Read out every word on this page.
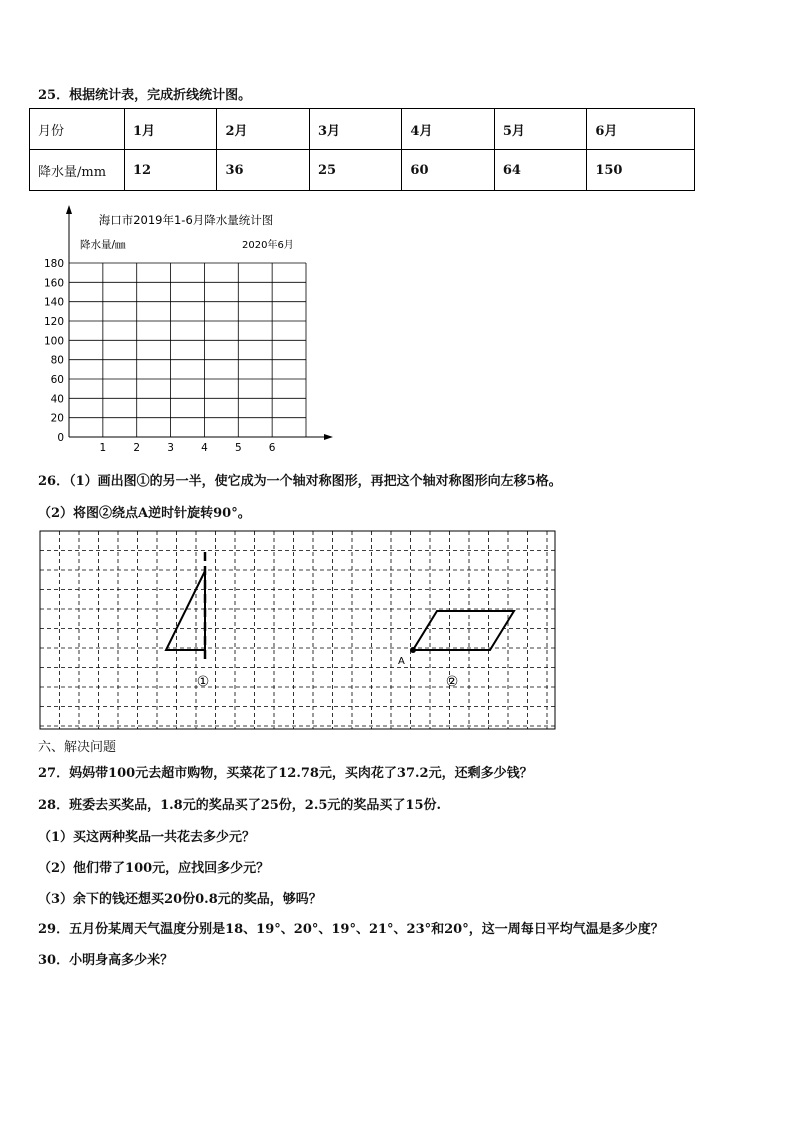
25．根据统计表，完成折线统计图。
月份	1月	2月	3月	4月	5月	6月
降水量/mm	12	36	25	60	64	150
海口市2019年1-6月降水量统计图
降水量/㎜	2020年6月
0
20
40
60
80
100
120
140
160
180
1	2	3	4	5	6
26．（1）画出图①的另一半，使它成为一个轴对称图形，再把这个轴对称图形向左移5格。
（2）将图②绕点A逆时针旋转90°。
①
A
②
六、解决问题
27．妈妈带100元去超市购物，买菜花了12.78元，买肉花了37.2元，还剩多少钱？
28．班委去买奖品，1.8元的奖品买了25份，2.5元的奖品买了15份.
（1）买这两种奖品一共花去多少元？
（2）他们带了100元，应找回多少元？
（3）余下的钱还想买20份0.8元的奖品，够吗？
29．五月份某周天气温度分别是18、19°、20°、19°、21°、23°和20°，这一周每日平均气温是多少度？
30．小明身高多少米？
